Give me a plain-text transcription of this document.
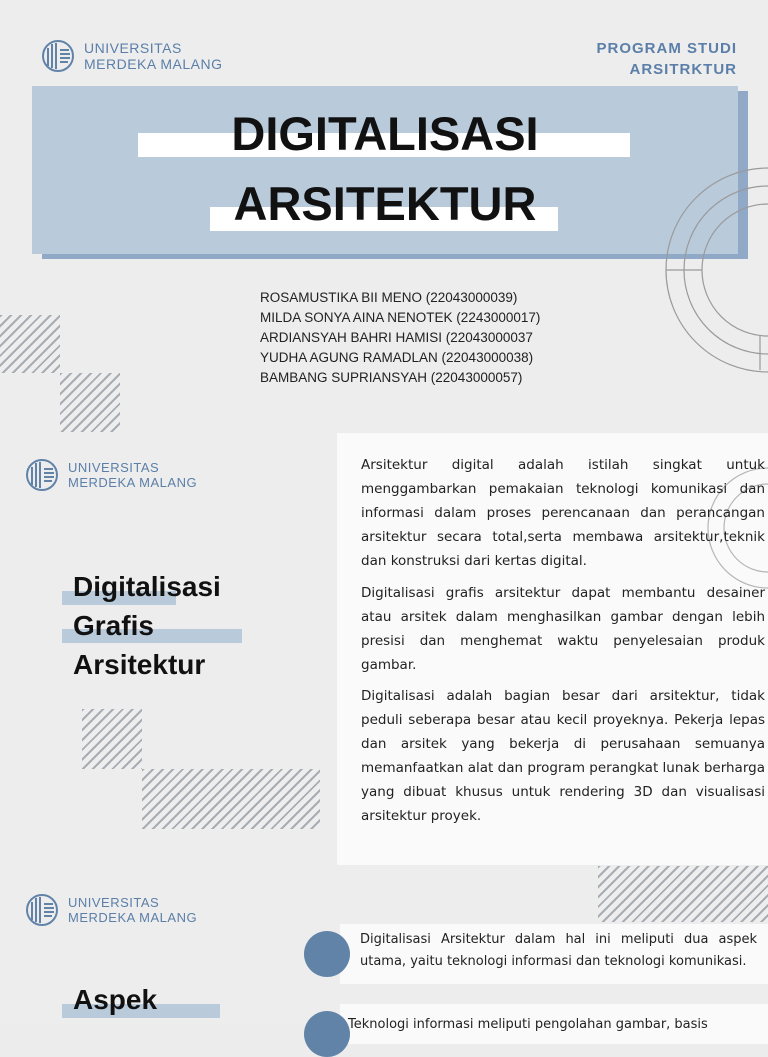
UNIVERSITAS
MERDEKA MALANG
PROGRAM STUDI
ARSITRKTUR
DIGITALISASI
ARSITEKTUR
ROSAMUSTIKA BII MENO (22043000039)
MILDA SONYA AINA NENOTEK (2243000017)
ARDIANSYAH BAHRI HAMISI (22043000037
YUDHA AGUNG RAMADLAN (22043000038)
BAMBANG SUPRIANSYAH (22043000057)
UNIVERSITAS
MERDEKA MALANG
Digitalisasi
Grafis
Arsitektur
Arsitektur digital adalah istilah singkat untuk menggambarkan pemakaian teknologi komunikasi dan informasi dalam proses perencanaan dan perancangan arsitektur secara total,serta membawa arsitektur,teknik dan konstruksi dari kertas digital.
Digitalisasi grafis arsitektur dapat membantu desainer atau arsitek dalam menghasilkan gambar dengan lebih presisi dan menghemat waktu penyelesaian produk gambar.
Digitalisasi adalah bagian besar dari arsitektur, tidak peduli seberapa besar atau kecil proyeknya. Pekerja lepas dan arsitek yang bekerja di perusahaan semuanya memanfaatkan alat dan program perangkat lunak berharga yang dibuat khusus untuk rendering 3D dan visualisasi arsitektur proyek.
UNIVERSITAS
MERDEKA MALANG
Aspek
Digitalisasi Arsitektur dalam hal ini meliputi dua aspek utama, yaitu teknologi informasi dan teknologi komunikasi.
Teknologi informasi meliputi pengolahan gambar, basis
